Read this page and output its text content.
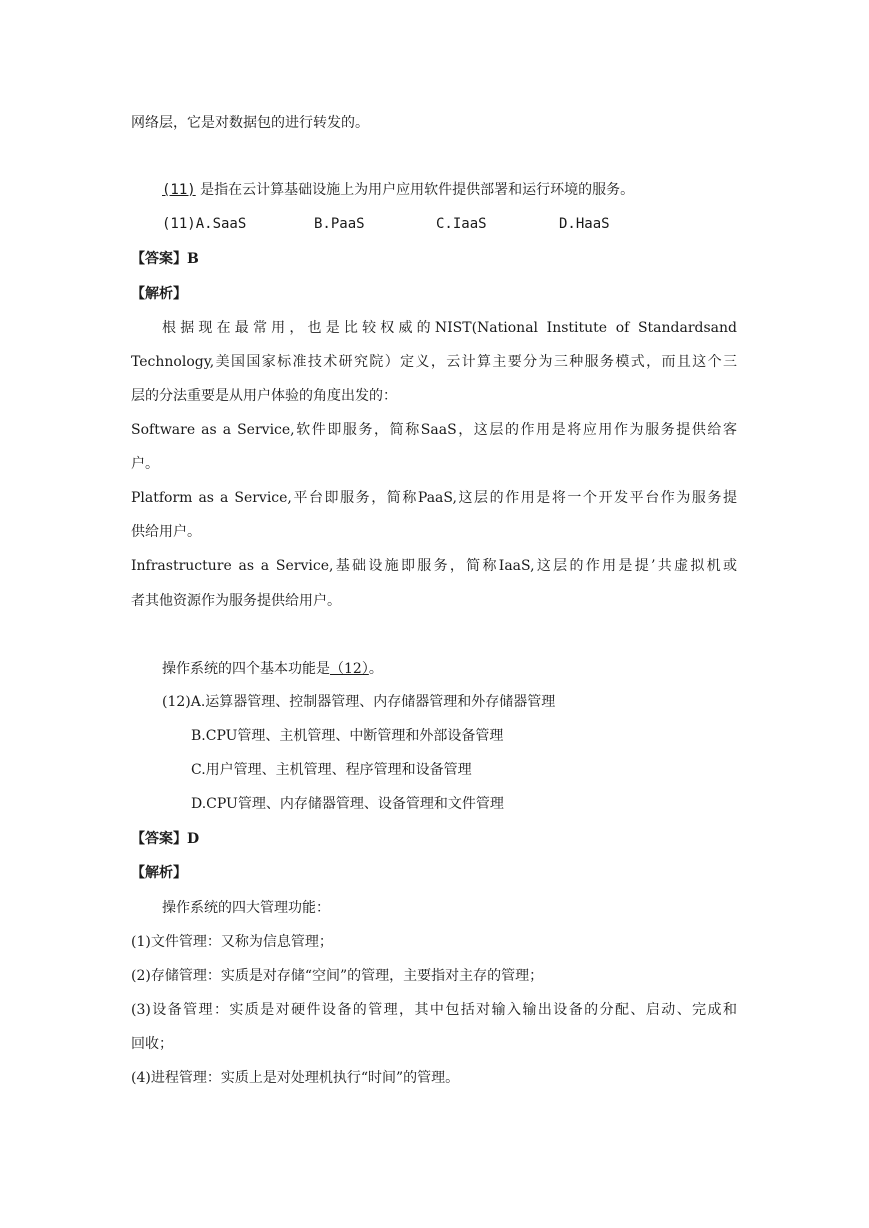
网络层，它是对数据包的进行转发的。
(11) 是指在云计算基础设施上为用户应用软件提供部署和运行环境的服务。
(11)A.SaaS	B.PaaS	C.IaaS	D.HaaS
【答案】B
【解析】
根据现在最常用，也是比较权威的NIST(National Institute of Standardsand
Technology,美国国家标准技术研究院）定义，云计算主要分为三种服务模式，而且这个三
层的分法重要是从用户体验的角度出发的：
Software as a Service,软件即服务，简称SaaS，这层的作用是将应用作为服务提供给客
户。
Platform as a Service,平台即服务，简称PaaS,这层的作用是将一个开发平台作为服务提
供给用户。
Infrastructure as a Service,基础设施即服务，简称IaaS,这层的作用是提’共虚拟机或
者其他资源作为服务提供给用户。
操作系统的四个基本功能是（12）。
(12)A.运算器管理、控制器管理、内存储器管理和外存储器管理
B.CPU管理、主机管理、中断管理和外部设备管理
C.用户管理、主机管理、程序管理和设备管理
D.CPU管理、内存储器管理、设备管理和文件管理
【答案】D
【解析】
操作系统的四大管理功能：
(1)文件管理：又称为信息管理；
(2)存储管理：实质是对存储“空间”的管理，主要指对主存的管理；
(3)设备管理：实质是对硬件设备的管理，其中包括对输入输出设备的分配、启动、完成和
回收；
(4)进程管理：实质上是对处理机执行“时间”的管理。
